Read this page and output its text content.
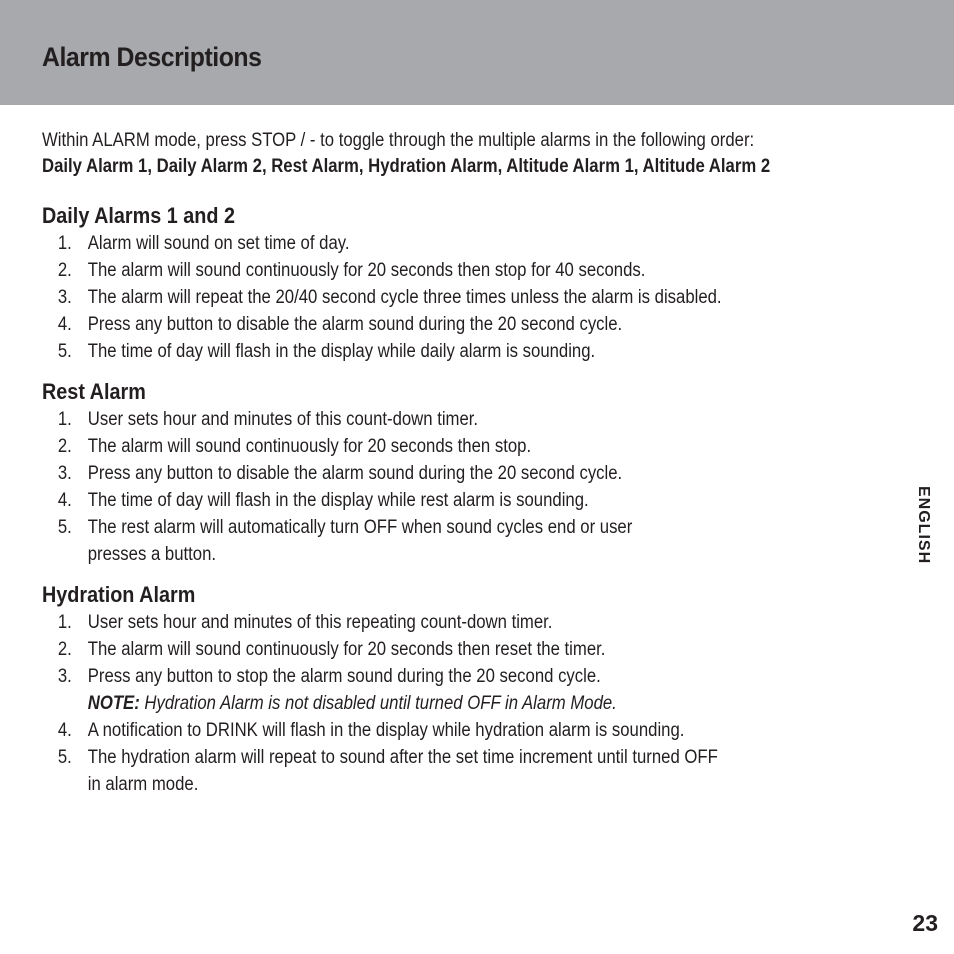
Alarm Descriptions
Within ALARM mode, press STOP / - to toggle through the multiple alarms in the following order:
Daily Alarm 1, Daily Alarm 2, Rest Alarm, Hydration Alarm, Altitude Alarm 1, Altitude Alarm 2
Daily Alarms 1 and 2
1. Alarm will sound on set time of day.
2. The alarm will sound continuously for 20 seconds then stop for 40 seconds.
3. The alarm will repeat the 20/40 second cycle three times unless the alarm is disabled.
4. Press any button to disable the alarm sound during the 20 second cycle.
5. The time of day will flash in the display while daily alarm is sounding.
Rest Alarm
1. User sets hour and minutes of this count-down timer.
2. The alarm will sound continuously for 20 seconds then stop.
3. Press any button to disable the alarm sound during the 20 second cycle.
4. The time of day will flash in the display while rest alarm is sounding.
5. The rest alarm will automatically turn OFF when sound cycles end or user
presses a button.
Hydration Alarm
1. User sets hour and minutes of this repeating count-down timer.
2. The alarm will sound continuously for 20 seconds then reset the timer.
3. Press any button to stop the alarm sound during the 20 second cycle.
NOTE: Hydration Alarm is not disabled until turned OFF in Alarm Mode.
4. A notification to DRINK will flash in the display while hydration alarm is sounding.
5. The hydration alarm will repeat to sound after the set time increment until turned OFF
in alarm mode.
ENGLISH
23
